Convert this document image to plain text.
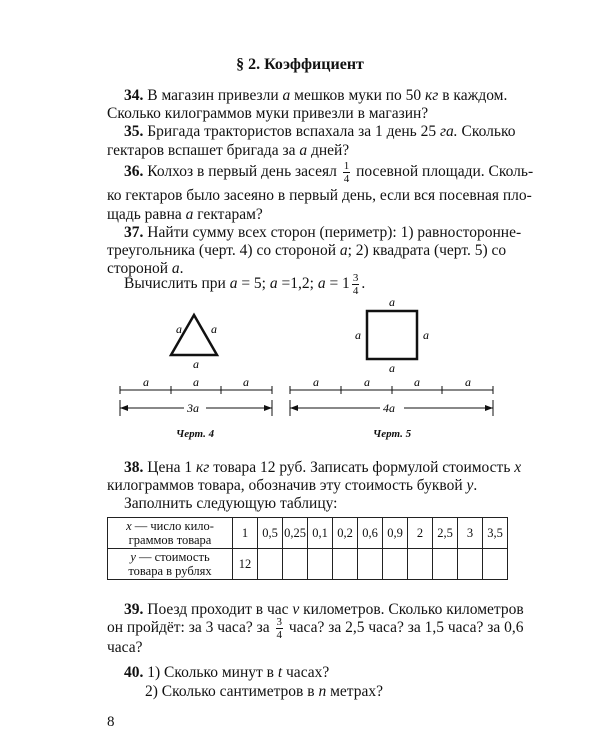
§ 2. Коэффициент
34. В магазин привезли a мешков муки по 50 кг в каждом.
Сколько килограммов муки привезли в магазин?
35. Бригада трактористов вспахала за 1 день 25 га. Сколько
гектаров вспашет бригада за a дней?
36. Колхоз в первый день засеял $\frac{1}{4}$ посевной площади. Сколь-
ко гектаров было засеяно в первый день, если вся посевная пло-
щадь равна a гектарам?
37. Найти сумму всех сторон (периметр): 1) равносторонне-
треугольника (черт. 4) со стороной a; 2) квадрата (черт. 5) со
стороной a.
Вычислить при a = 5; a =1,2; $a = 1 \frac{3}{4}$ .
a a
a
a
a	a
a
a	a	a
3a
a	a	a	a
4a
Черт. 4	Черт. 5
38. Цена 1 кг товара 12 руб. Записать формулой стоимость x
килограммов товара, обозначив эту стоимость буквой y.
Заполнить следующую таблицу:
x — число кило-
граммов товара	1	0,5	0,25	0,1	0,2	0,6	0,9	2	2,5	3	3,5
y — стоимость
товара в рублях	12										
39. Поезд проходит в час v километров. Сколько километров
он пройдёт: за 3 часа? за $\frac{3}{4}$ часа? за 2,5 часа? за 1,5 часа? за 0,6
часа?
40. 1) Сколько минут в t часах?
2) Сколько сантиметров в n метрах?
8
